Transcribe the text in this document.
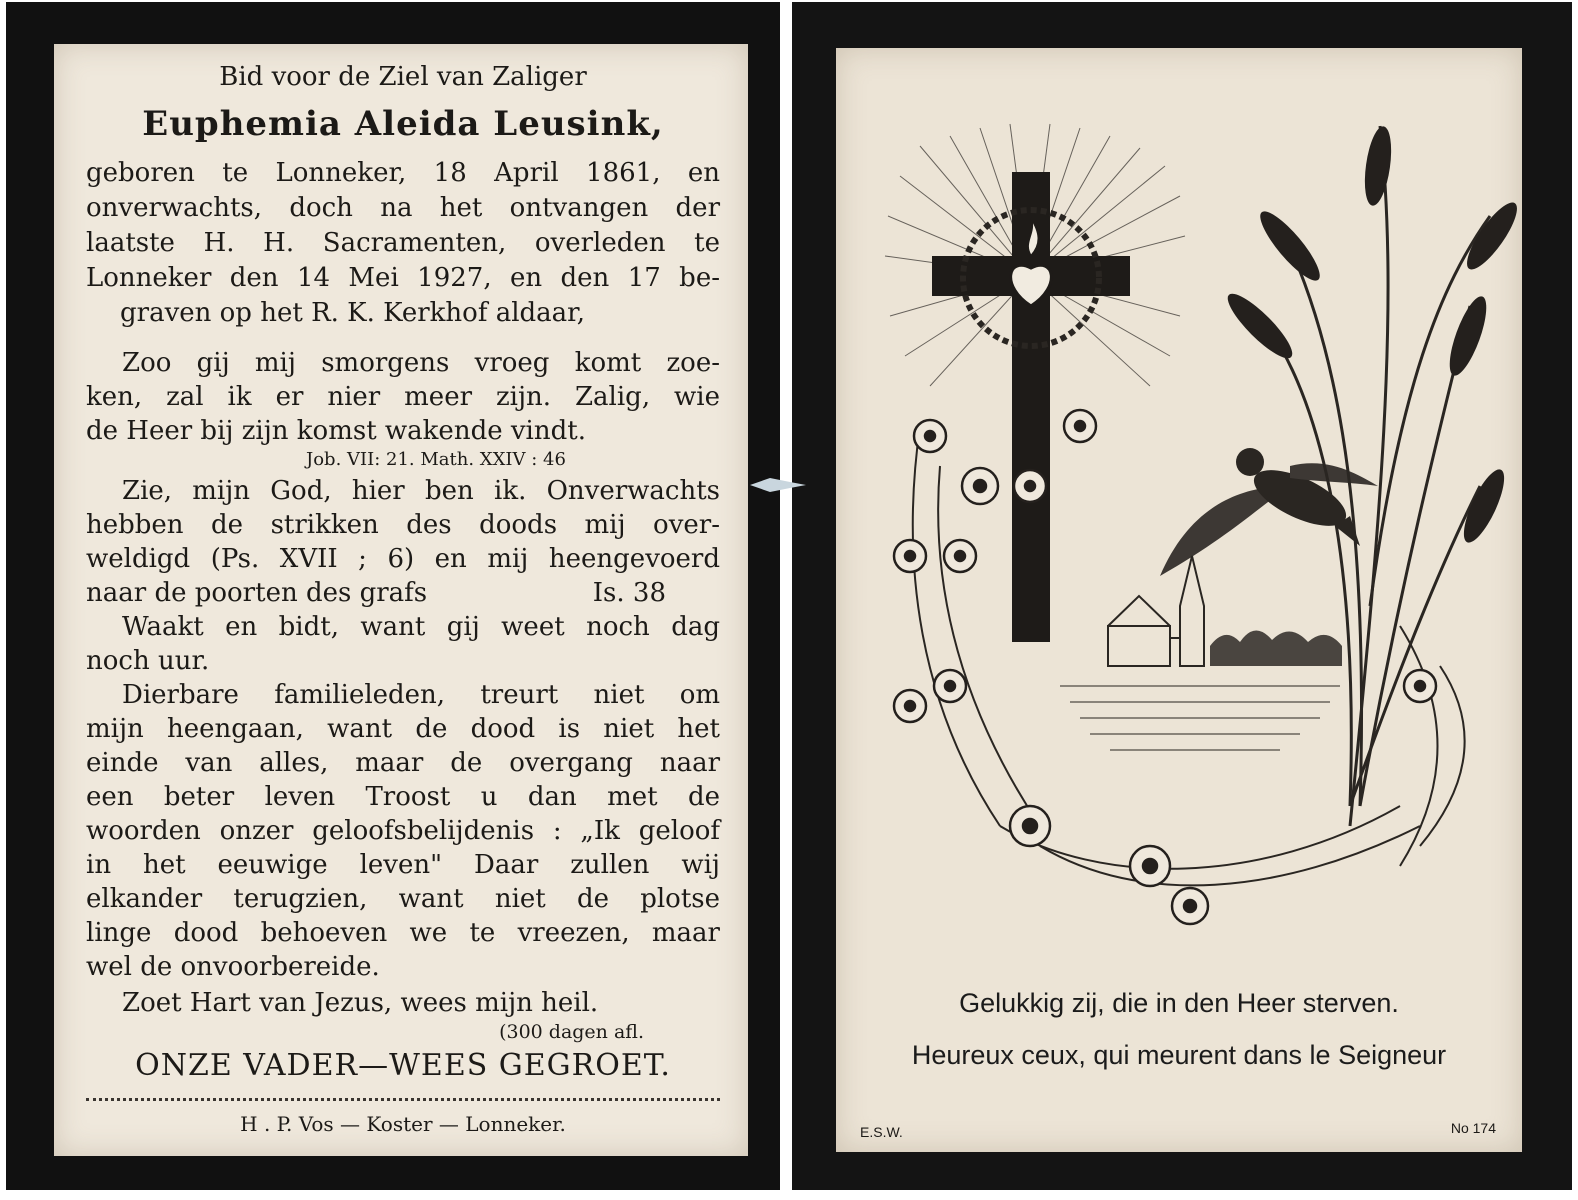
Bid voor de Ziel van Zaliger
Euphemia Aleida Leusink,
geboren te Lonneker, 18 April 1861, en
onverwachts, doch na het ontvangen der
laatste H. H. Sacramenten, overleden te
Lonneker den 14 Mei 1927, en den 17 be-
graven op het R. K. Kerkhof aldaar,
Zoo gij mij smorgens vroeg komt zoe-
ken, zal ik er nier meer zijn. Zalig, wie
de Heer bij zijn komst wakende vindt.
Job. VII: 21. Math. XXIV : 46
Zie, mijn God, hier ben ik. Onverwachts
hebben de strikken des doods mij over-
weldigd (Ps. XVII ; 6) en mij heengevoerd
naar de poorten des grafs	Is. 38
Waakt en bidt, want gij weet noch dag
noch uur.
Dierbare familieleden, treurt niet om
mijn heengaan, want de dood is niet het
einde van alles, maar de overgang naar
een beter leven Troost u dan met de
woorden onzer geloofsbelijdenis : „Ik geloof
in het eeuwige leven" Daar zullen wij
elkander terugzien, want niet de plotse
linge dood behoeven we te vreezen, maar
wel de onvoorbereide.
Zoet Hart van Jezus, wees mijn heil.
(300 dagen afl.
ONZE VADER—WEES GEGROET.
H . P. Vos — Koster — Lonneker.
Gelukkig zij, die in den Heer sterven.
Heureux ceux, qui meurent dans le Seigneur
E.S.W.	No 174
